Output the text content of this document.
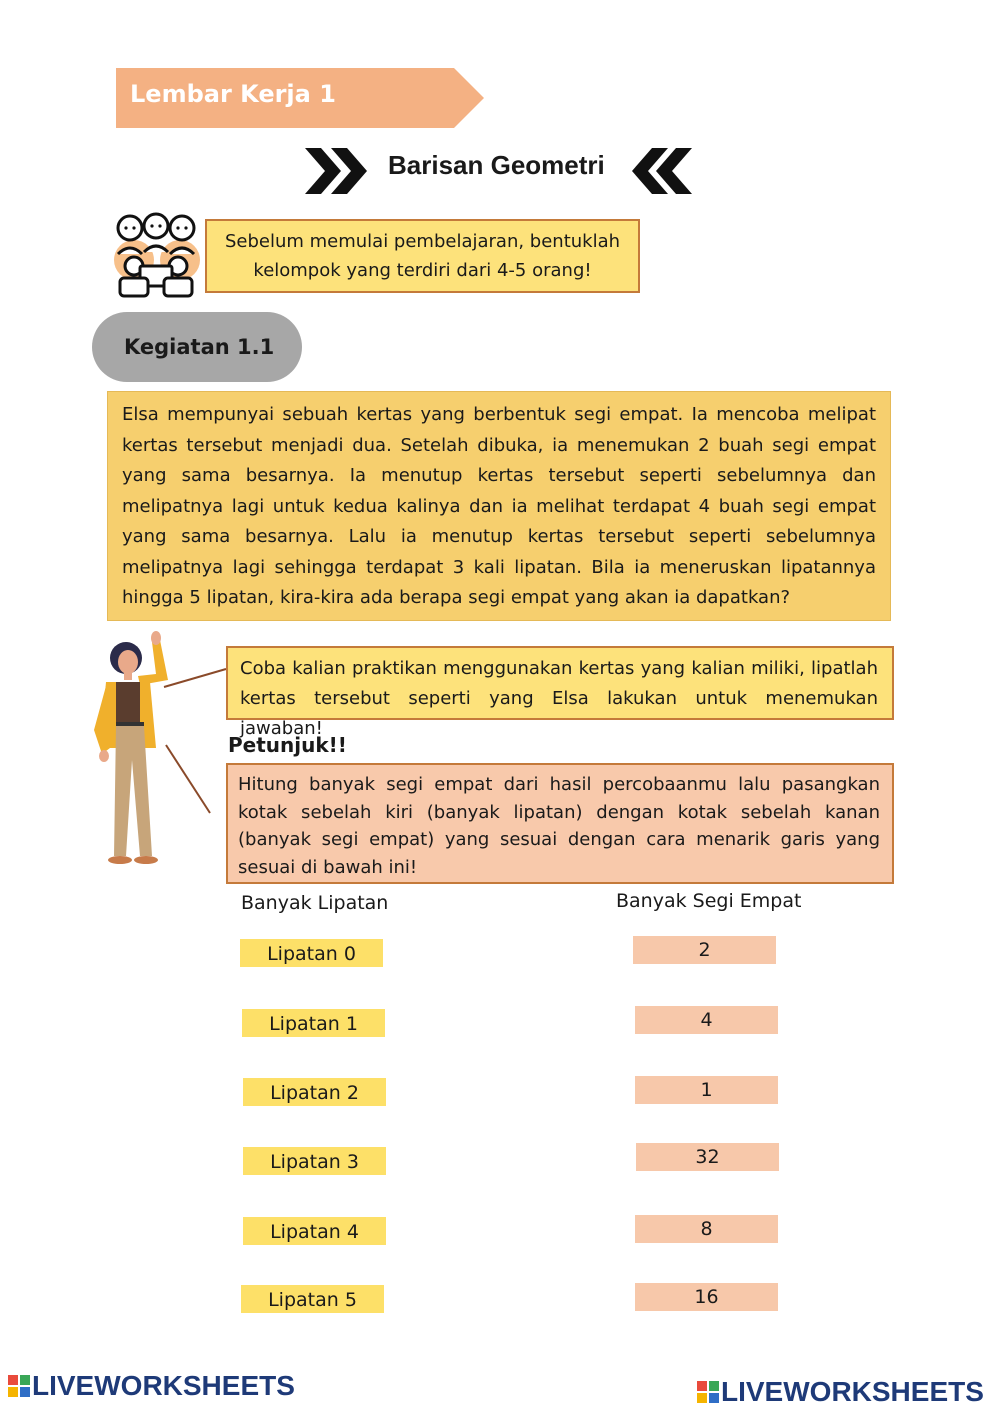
Lembar Kerja 1
Barisan Geometri
Sebelum memulai pembelajaran, bentuklah
kelompok yang terdiri dari 4-5 orang!
Kegiatan 1.1
Elsa mempunyai sebuah kertas yang berbentuk segi empat. Ia mencoba melipat kertas tersebut menjadi dua. Setelah dibuka, ia menemukan 2 buah segi empat yang sama besarnya. Ia menutup kertas tersebut seperti sebelumnya dan melipatnya lagi untuk kedua kalinya dan ia melihat terdapat 4 buah segi empat yang sama besarnya. Lalu ia menutup kertas tersebut seperti sebelumnya melipatnya lagi sehingga terdapat 3 kali lipatan. Bila ia meneruskan lipatannya hingga 5 lipatan, kira-kira ada berapa segi empat yang akan ia dapatkan?
Coba kalian praktikan menggunakan kertas yang kalian miliki, lipatlah kertas tersebut seperti yang Elsa lakukan untuk menemukan jawaban!
Petunjuk!!
Hitung banyak segi empat dari hasil percobaanmu lalu pasangkan kotak sebelah kiri (banyak lipatan) dengan kotak sebelah kanan (banyak segi empat) yang sesuai dengan cara menarik garis yang sesuai di bawah ini!
Banyak Lipatan	Banyak Segi Empat
Lipatan 0
Lipatan 1
Lipatan 2
Lipatan 3
Lipatan 4
Lipatan 5
2
4
1
32
8
16
LIVEWORKSHEETS	LIVEWORKSHEETS
